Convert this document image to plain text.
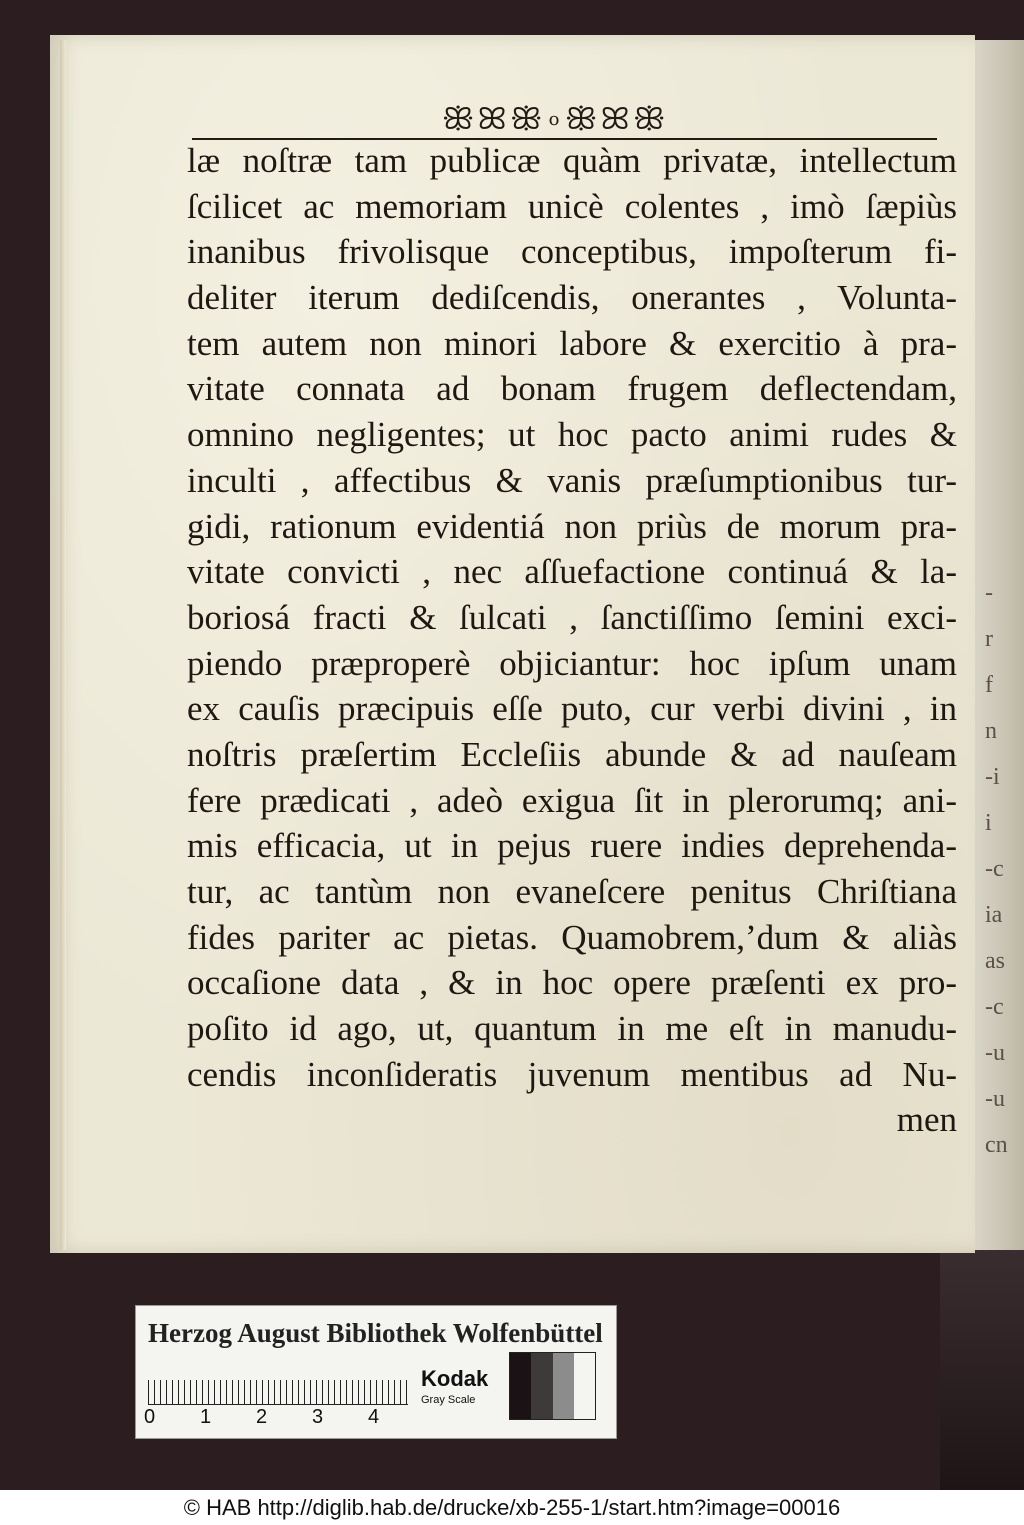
ꕥꕤꕥ o ꕥꕤꕥ
læ noſtræ tam publicæ quàm privatæ, intellectum
ſcilicet ac memoriam unicè colentes , imò ſæpiùs
inanibus frivolisque conceptibus, impoſterum fi-
deliter iterum dediſcendis, onerantes , Volunta-
tem autem non minori labore & exercitio à pra-
vitate connata ad bonam frugem deflectendam,
omnino negligentes; ut hoc pacto animi rudes &
inculti , affectibus & vanis præſumptionibus tur-
gidi, rationum evidentiá non priùs de morum pra-
vitate convicti , nec aſſuefactione continuá & la-
boriosá fracti & ſulcati , ſanctiſſimo ſemini exci-
piendo præproperè objiciantur: hoc ipſum unam
ex cauſis præcipuis eſſe puto, cur verbi divini , in
noſtris præſertim Eccleſiis abunde & ad nauſeam
fere prædicati , adeò exigua ſit in plerorumq; ani-
mis efficacia, ut in pejus ruere indies deprehenda-
tur, ac tantùm non evaneſcere penitus Chriſtiana
fides pariter ac pietas. Quamobrem,ʼdum & aliàs
occaſione data , & in hoc opere præſenti ex pro-
poſito id ago, ut, quantum in me eſt in manudu-
cendis inconſideratis juvenum mentibus ad Nu-
men
-
r
f
n
-i
i
-c
ia
as
-c
-u
-u
cn
Herzog August Bibliothek Wolfenbüttel
0	1	2	3	4
Kodak
Gray Scale
© HAB http://diglib.hab.de/drucke/xb-255-1/start.htm?image=00016
